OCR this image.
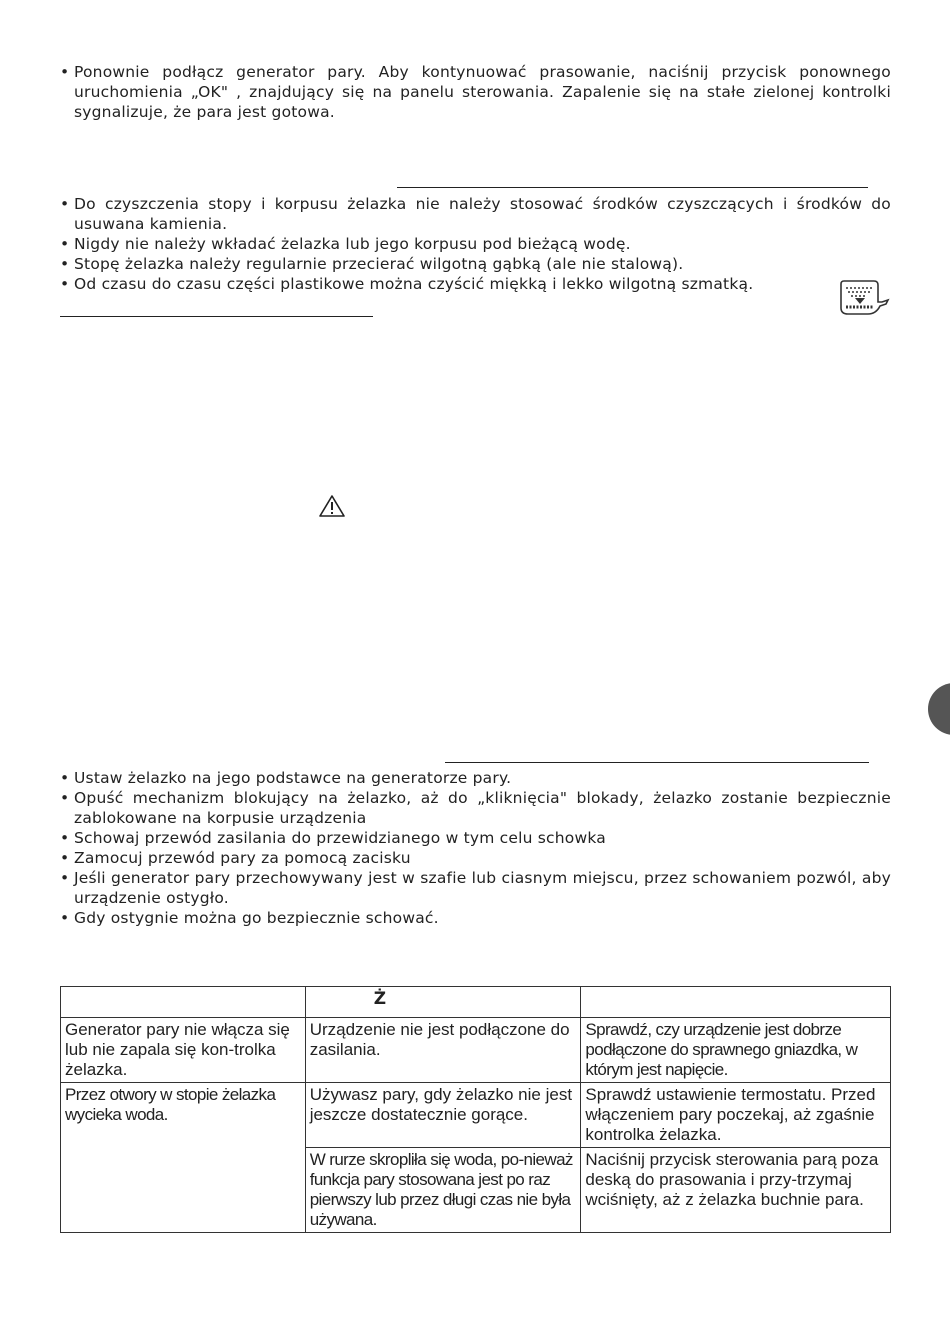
• Ponownie podłącz generator pary. Aby kontynuować prasowanie, naciśnij przycisk ponownego uruchomienia „OK" , znajdujący się na panelu sterowania. Zapalenie się na stałe zielonej kontrolki sygnalizuje, że para jest gotowa.
• Do czyszczenia stopy i korpusu żelazka nie należy stosować środków czyszczących i środków do usuwana kamienia.
• Nigdy nie należy wkładać żelazka lub jego korpusu pod bieżącą wodę.
• Stopę żelazka należy regularnie przecierać wilgotną gąbką (ale nie stalową).
• Od czasu do czasu części plastikowe można czyścić miękką i lekko wilgotną szmatką.
• Ustaw żelazko na jego podstawce na generatorze pary.
• Opuść mechanizm blokujący na żelazko, aż do „kliknięcia" blokady, żelazko zostanie bezpiecznie zablokowane na korpusie urządzenia
• Schowaj przewód zasilania do przewidzianego w tym celu schowka
• Zamocuj przewód pary za pomocą zacisku
• Jeśli generator pary przechowywany jest w szafie lub ciasnym miejscu, przez schowaniem pozwól, aby urządzenie ostygło.
• Gdy ostygnie można go bezpiecznie schować.
	Ż	
Generator pary nie włącza się lub nie zapala się kon-trolka żelazka.	Urządzenie nie jest podłączone do zasilania.	Sprawdź, czy urządzenie jest dobrze podłączone do sprawnego gniazdka, w którym jest napięcie.
Przez otwory w stopie żelazka wycieka woda.	Używasz pary, gdy żelazko nie jest jeszcze dostatecznie gorące.	Sprawdź ustawienie termostatu. Przed włączeniem pary poczekaj, aż zgaśnie kontrolka żelazka.
	W rurze skropliła się woda, po-nieważ funkcja pary stosowana jest po raz pierwszy lub przez długi czas nie była używana.	Naciśnij przycisk sterowania parą poza deską do prasowania i przy-trzymaj wciśnięty, aż z żelazka buchnie para.
